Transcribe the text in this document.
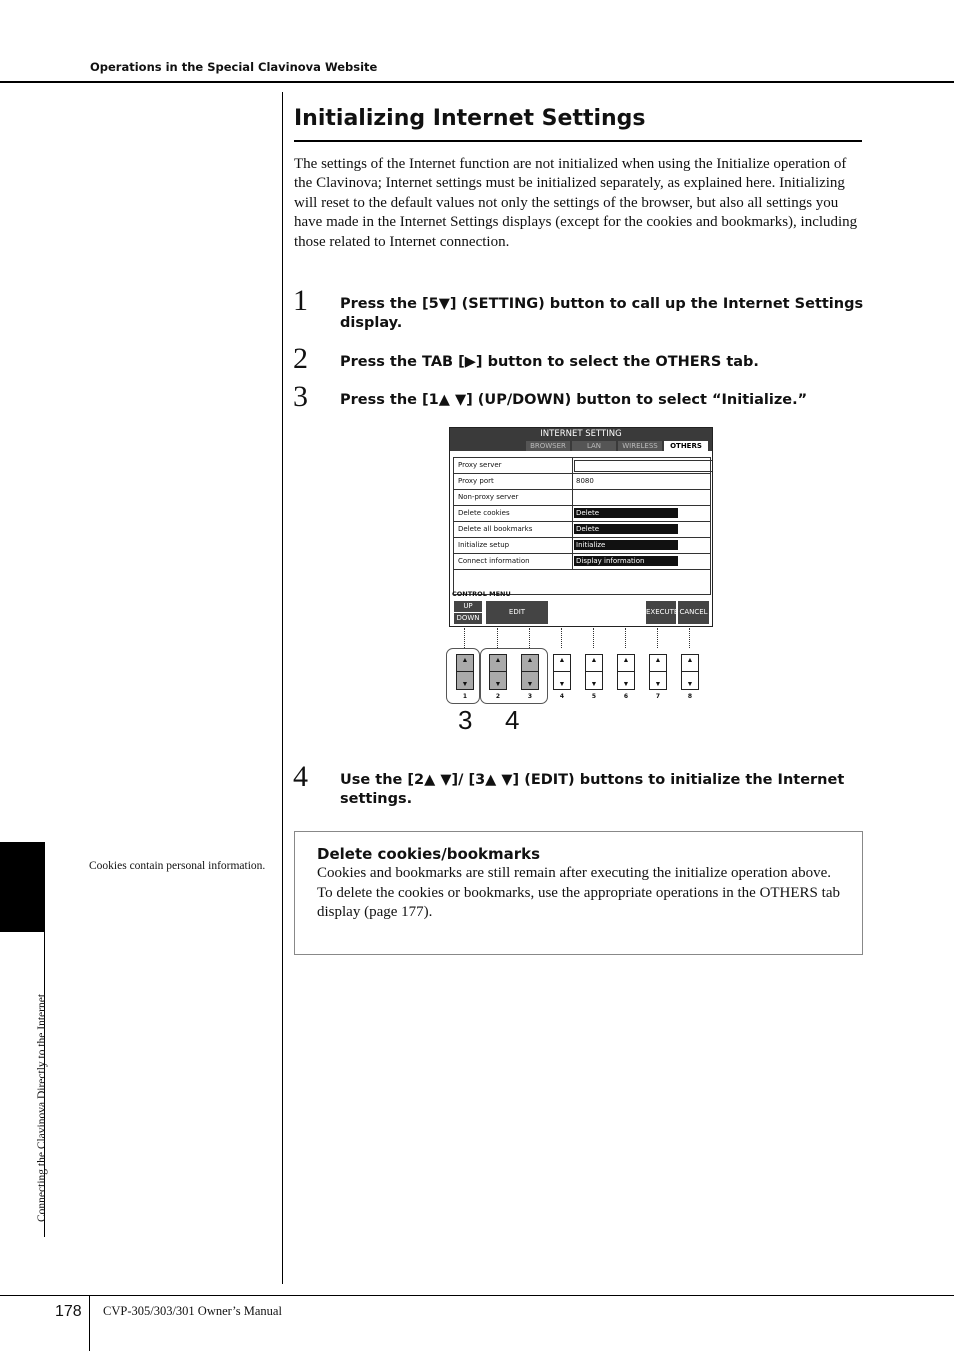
Operations in the Special Clavinova Website
Connecting the Clavinova Directly to the Internet
Initializing Internet Settings
The settings of the Internet function are not initialized when using the Initialize operation of the Clavinova; Internet settings must be initialized separately, as explained here. Initializing will reset to the default values not only the settings of the browser, but also all settings you have made in the Internet Settings displays (except for the cookies and bookmarks), including those related to Internet connection.
1 Press the [5▼] (SETTING) button to call up the Internet Settings display.
2 Press the TAB [▶] button to select the OTHERS tab.
3 Press the [1▲ ▼] (UP/DOWN) button to select “Initialize.”
INTERNET SETTING
BROWSER	LAN	WIRELESS	OTHERS
Proxy server
Proxy port	8080
Non-proxy server
Delete cookies	Delete
Delete all bookmarks	Delete
Initialize setup	Initialize
Connect information	Display information
CONTROL MENU
UP
DOWN
EDIT	EXECUTE CANCEL
▲
▼
▲
▼
▲
▼
▲
▼
▲
▼
▲
▼
▲
▼
▲
▼
1	2	3	4	5	6	7	8
3 4
4 Use the [2▲ ▼]/ [3▲ ▼] (EDIT) buttons to initialize the Internet settings.
Delete cookies/bookmarks

Cookies and bookmarks are still remain after executing the initialize operation above.

To delete the cookies or bookmarks, use the appropriate operations in the OTHERS tab display (page 177).

Cookies contain personal information.
178 CVP-305/303/301 Owner’s Manual
